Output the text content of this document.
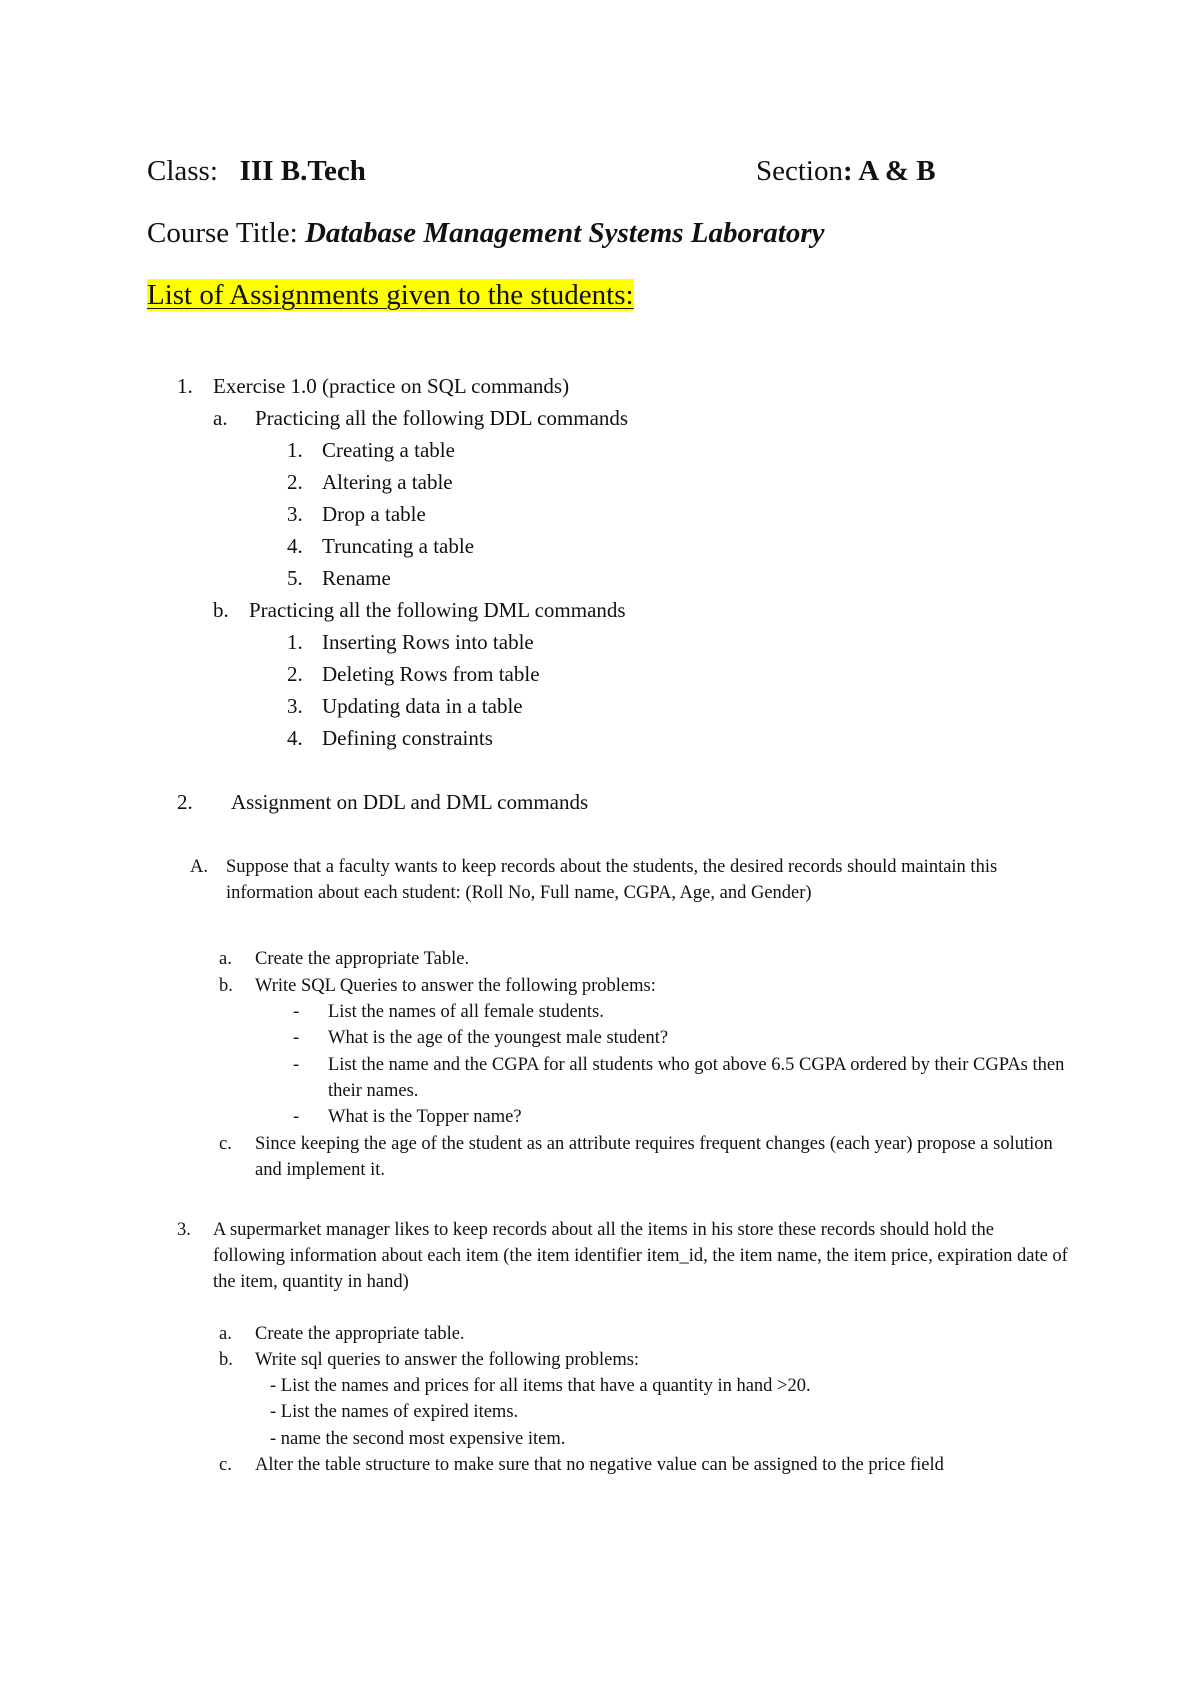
Class: III B.Tech	Section: A & B
Course Title: Database Management Systems Laboratory
List of Assignments given to the students:
1. Exercise 1.0 (practice on SQL commands)
a. Practicing all the following DDL commands
1. Creating a table
2. Altering a table
3. Drop a table
4. Truncating a table
5. Rename
b. Practicing all the following DML commands
1. Inserting Rows into table
2. Deleting Rows from table
3. Updating data in a table
4. Defining constraints
2. Assignment on DDL and DML commands
A. Suppose that a faculty wants to keep records about the students, the desired records should maintain this information about each student: (Roll No, Full name, CGPA, Age, and Gender)
a. Create the appropriate Table.
b. Write SQL Queries to answer the following problems:
- List the names of all female students.
- What is the age of the youngest male student?
- List the name and the CGPA for all students who got above 6.5 CGPA ordered by their CGPAs then their names.
- What is the Topper name?
c. Since keeping the age of the student as an attribute requires frequent changes (each year) propose a solution and implement it.
3. A supermarket manager likes to keep records about all the items in his store these records should hold the following information about each item (the item identifier item_id, the item name, the item price, expiration date of the item, quantity in hand)
a. Create the appropriate table.
b. Write sql queries to answer the following problems:
- List the names and prices for all items that have a quantity in hand >20.
- List the names of expired items.
- name the second most expensive item.
c. Alter the table structure to make sure that no negative value can be assigned to the price field
